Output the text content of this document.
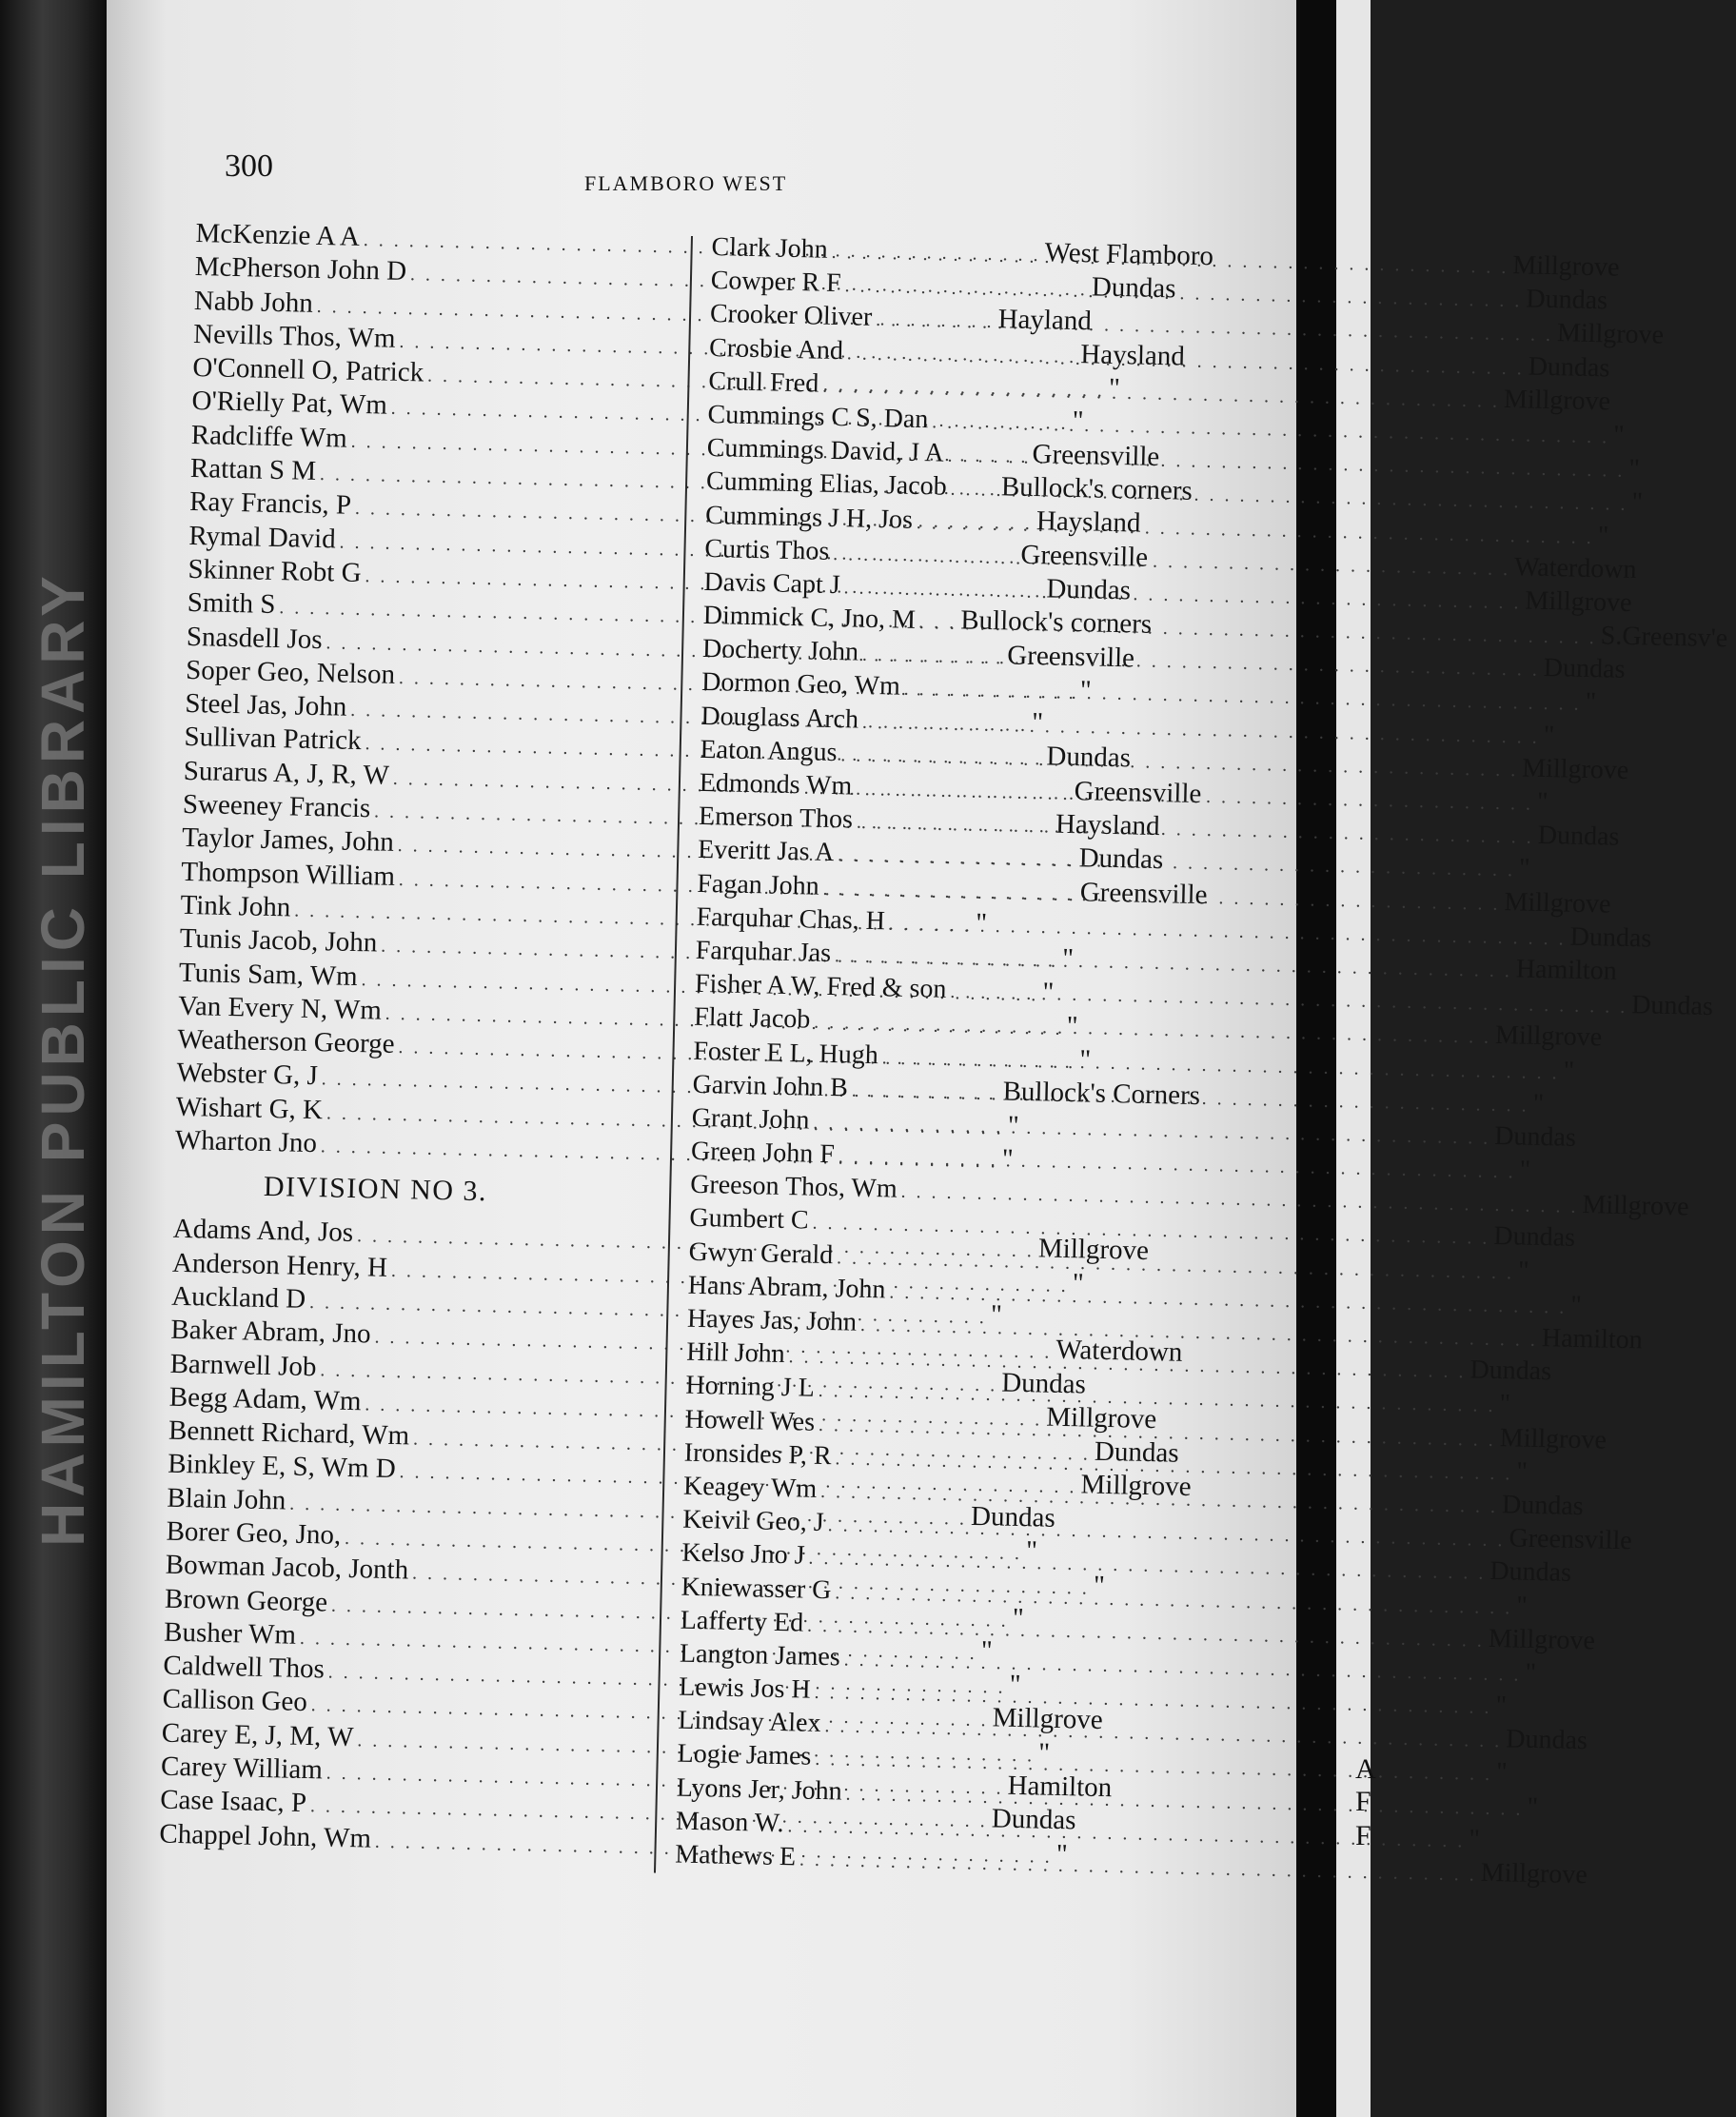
HAMILTON PUBLIC LIBRARY
A
F
F
300	FLAMBORO WEST
McKenzie A A
. . .
West Flamboro
McPherson John D
. . .
Dundas
Nabb John
. . .
Hayland
Nevills Thos, Wm
. . .
Haysland
O'Connell O, Patrick
. . .
"
O'Rielly Pat, Wm
. . .
"
Radcliffe Wm
. . .
Greensville
Rattan S M
. . .
Bullock's corners
Ray Francis, P
. . .
Haysland
Rymal David
. . .
Greensville
Skinner Robt G
. . .
Dundas
Smith S
. . .
Bullock's corners
Snasdell Jos
. . .
Greensville
Soper Geo, Nelson
. . .
"
Steel Jas, John
. . .
"
Sullivan Patrick
. . .
Dundas
Surarus A, J, R, W
. . .
Greensville
Sweeney Francis
. . .
Haysland
Taylor James, John
. . .
Dundas
Thompson William
. . .
Greensville
Tink John
. . .
"
Tunis Jacob, John
. . .
"
Tunis Sam, Wm
. . .
"
Van Every N, Wm
. . .
"
Weatherson George
. . .
"
Webster G, J
. . .
Bullock's Corners
Wishart G, K
. . .
"
Wharton Jno
. . .
"
DIVISION NO 3.
Adams And, Jos
. . .
Millgrove
Anderson Henry, H
. . .
"
Auckland D
. . .
"
Baker Abram, Jno
. . .
Waterdown
Barnwell Job
. . .
Dundas
Begg Adam, Wm
. . .
Millgrove
Bennett Richard, Wm
. . .
Dundas
Binkley E, S, Wm D
. . .
Millgrove
Blain John
. . .
Dundas
Borer Geo, Jno,
. . .
"
Bowman Jacob, Jonth
. . .
"
Brown George
. . .
"
Busher Wm
. . .
"
Caldwell Thos
. . .
"
Callison Geo
. . .
Millgrove
Carey E, J, M, W
. . .
"
Carey William
. . .
Hamilton
Case Isaac, P
. . .
Dundas
Chappel John, Wm
. . .
"
Clark John
. . .
Millgrove
Cowper R F
. . .
Dundas
Crooker Oliver
. . .
Millgrove
Crosbie And
. . .
Dundas
Crull Fred
. . .
Millgrove
Cummings C S, Dan
. . .
"
Cummings David, J A
. . .
"
Cumming Elias, Jacob
. . .
"
Cummings J H, Jos
. . .
"
Curtis Thos
. . .
Waterdown
Davis Capt J
. . .
Millgrove
Dimmick C, Jno, M
. . .
S.Greensv'e
Docherty John
. . .
Dundas
Dormon Geo, Wm
. . .
"
Douglass Arch
. . .
"
Eaton Angus
. . .
Millgrove
Edmonds Wm
. . .
"
Emerson Thos
. . .
Dundas
Everitt Jas A
. . .
"
Fagan John
. . .
Millgrove
Farquhar Chas, H
. . .
Dundas
Farquhar Jas
. . .
Hamilton
Fisher A W, Fred & son
. . .
Dundas
Flatt Jacob
. . .
Millgrove
Foster E L, Hugh
. . .
"
Garvin John B
. . .
"
Grant John
. . .
Dundas
Green John F
. . .
"
Greeson Thos, Wm
. . .
Millgrove
Gumbert C
. . .
Dundas
Gwyn Gerald
. . .
"
Hans Abram, John
. . .
"
Hayes Jas, John
. . .
Hamilton
Hill John
. . .
Dundas
Horning J L
. . .
"
Howell Wes
. . .
Millgrove
Ironsides P, R
. . .
"
Keagey Wm
. . .
Dundas
Keivil Geo, J
. . .
Greensville
Kelso Jno J
. . .
Dundas
Kniewasser G
. . .
"
Lafferty Ed
. . .
Millgrove
Langton James
. . .
"
Lewis Jos H
. . .
"
Lindsay Alex
. . .
Dundas
Logie James
. . .
"
Lyons Jer, John
. . .
"
Mason W.
. . .
"
Mathews E
. . .
Millgrove
